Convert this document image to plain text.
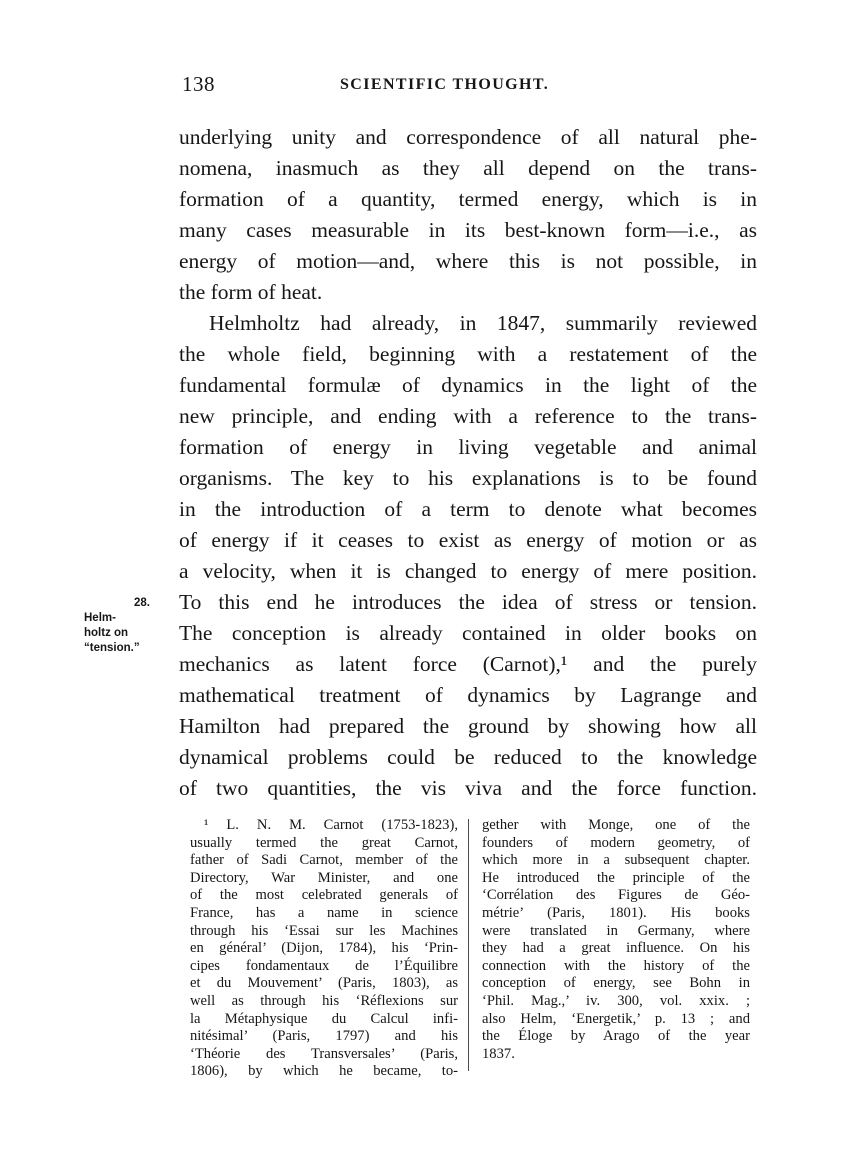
138	SCIENTIFIC THOUGHT.
28.
Helm-
holtz on
“tension.”
underlying unity and correspondence of all natural phe-
nomena, inasmuch as they all depend on the trans-
formation of a quantity, termed energy, which is in
many cases measurable in its best-known form—i.e., as
energy of motion—and, where this is not possible, in
the form of heat.
Helmholtz had already, in 1847, summarily reviewed
the whole field, beginning with a restatement of the
fundamental formulæ of dynamics in the light of the
new principle, and ending with a reference to the trans-
formation of energy in living vegetable and animal
organisms. The key to his explanations is to be found
in the introduction of a term to denote what becomes
of energy if it ceases to exist as energy of motion or as
a velocity, when it is changed to energy of mere position.
To this end he introduces the idea of stress or tension.
The conception is already contained in older books on
mechanics as latent force (Carnot),¹ and the purely
mathematical treatment of dynamics by Lagrange and
Hamilton had prepared the ground by showing how all
dynamical problems could be reduced to the knowledge
of two quantities, the vis viva and the force function.
¹ L. N. M. Carnot (1753-1823),
usually termed the great Carnot,
father of Sadi Carnot, member of the
Directory, War Minister, and one
of the most celebrated generals of
France, has a name in science
through his ‘Essai sur les Machines
en général’ (Dijon, 1784), his ‘Prin-
cipes fondamentaux de l’Équilibre
et du Mouvement’ (Paris, 1803), as
well as through his ‘Réflexions sur
la Métaphysique du Calcul infi-
nitésimal’ (Paris, 1797) and his
‘Théorie des Transversales’ (Paris,
1806), by which he became, to-
gether with Monge, one of the
founders of modern geometry, of
which more in a subsequent chapter.
He introduced the principle of the
‘Corrélation des Figures de Géo-
métrie’ (Paris, 1801). His books
were translated in Germany, where
they had a great influence. On his
connection with the history of the
conception of energy, see Bohn in
‘Phil. Mag.,’ iv. 300, vol. xxix. ;
also Helm, ‘Energetik,’ p. 13 ; and
the Éloge by Arago of the year
1837.
